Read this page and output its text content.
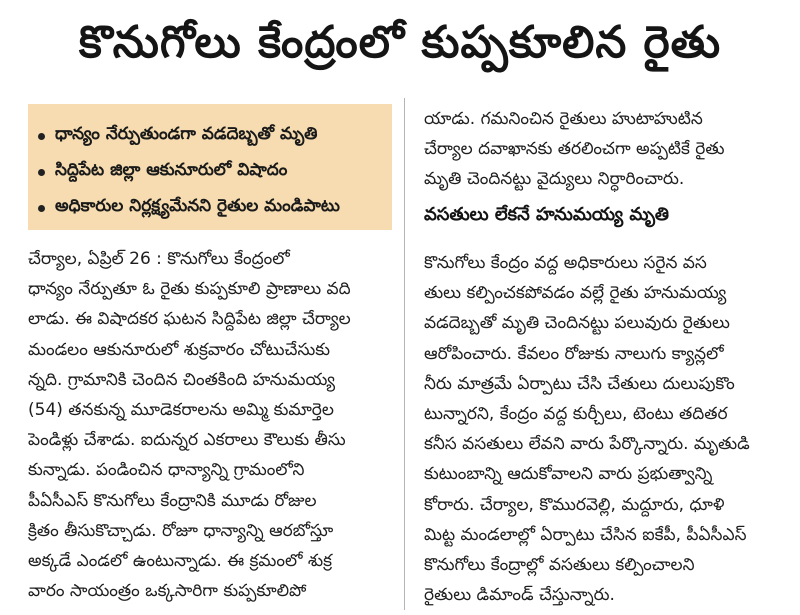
కొనుగోలు కేంద్రంలో కుప్పకూలిన రైతు
ధాన్యం నేర్పుతుండగా వడదెబ్బతో మృతి
సిద్దిపేట జిల్లా ఆకునూరులో విషాదం
అధికారుల నిర్లక్ష్యమేనని రైతుల మండిపాటు
చేర్యాల, ఏప్రిల్ 26 : కొనుగోలు కేంద్రంలో
ధాన్యం నేర్పుతూ ఓ రైతు కుప్పకూలి ప్రాణాలు వది
లాడు. ఈ విషాదకర ఘటన సిద్దిపేట జిల్లా చేర్యాల
మండలం ఆకునూరులో శుక్రవారం చోటుచేసుకు
న్నది. గ్రామానికి చెందిన చింతకింది హనుమయ్య
(54) తనకున్న మూడెకరాలను అమ్మి కుమార్తెల
పెండిళ్లు చేశాడు. ఐదున్నర ఎకరాలు కౌలుకు తీసు
కున్నాడు. పండించిన ధాన్యాన్ని గ్రామంలోని
పీఏసీఎస్ కొనుగోలు కేంద్రానికి మూడు రోజుల
క్రితం తీసుకొచ్చాడు. రోజూ ధాన్యాన్ని ఆరబోస్తూ
అక్కడే ఎండలో ఉంటున్నాడు. ఈ క్రమంలో శుక్ర
వారం సాయంత్రం ఒక్కసారిగా కుప్పకూలిపో
యాడు. గమనించిన రైతులు హుటాహుటిన
చేర్యాల దవాఖానకు తరలించగా అప్పటికే రైతు
మృతి చెందినట్టు వైద్యులు నిర్ధారించారు.
వసతులు లేకనే హనుమయ్య మృతి
కొనుగోలు కేంద్రం వద్ద అధికారులు సరైన వస
తులు కల్పించకపోవడం వల్లే రైతు హనుమయ్య
వడదెబ్బతో మృతి చెందినట్టు పలువురు రైతులు
ఆరోపించారు. కేవలం రోజుకు నాలుగు క్యాన్లలో
నీరు మాత్రమే ఏర్పాటు చేసి చేతులు దులుపుకొం
టున్నారని, కేంద్రం వద్ద కుర్చీలు, టెంటు తదితర
కనీస వసతులు లేవని వారు పేర్కొన్నారు. మృతుడి
కుటుంబాన్ని ఆదుకోవాలని వారు ప్రభుత్వాన్ని
కోరారు. చేర్యాల, కొమురవెల్లి, మద్దూరు, ధూళి
మిట్ట మండలాల్లో ఏర్పాటు చేసిన ఐకేపీ, పీఏసీఎస్
కొనుగోలు కేంద్రాల్లో వసతులు కల్పించాలని
రైతులు డిమాండ్ చేస్తున్నారు.
